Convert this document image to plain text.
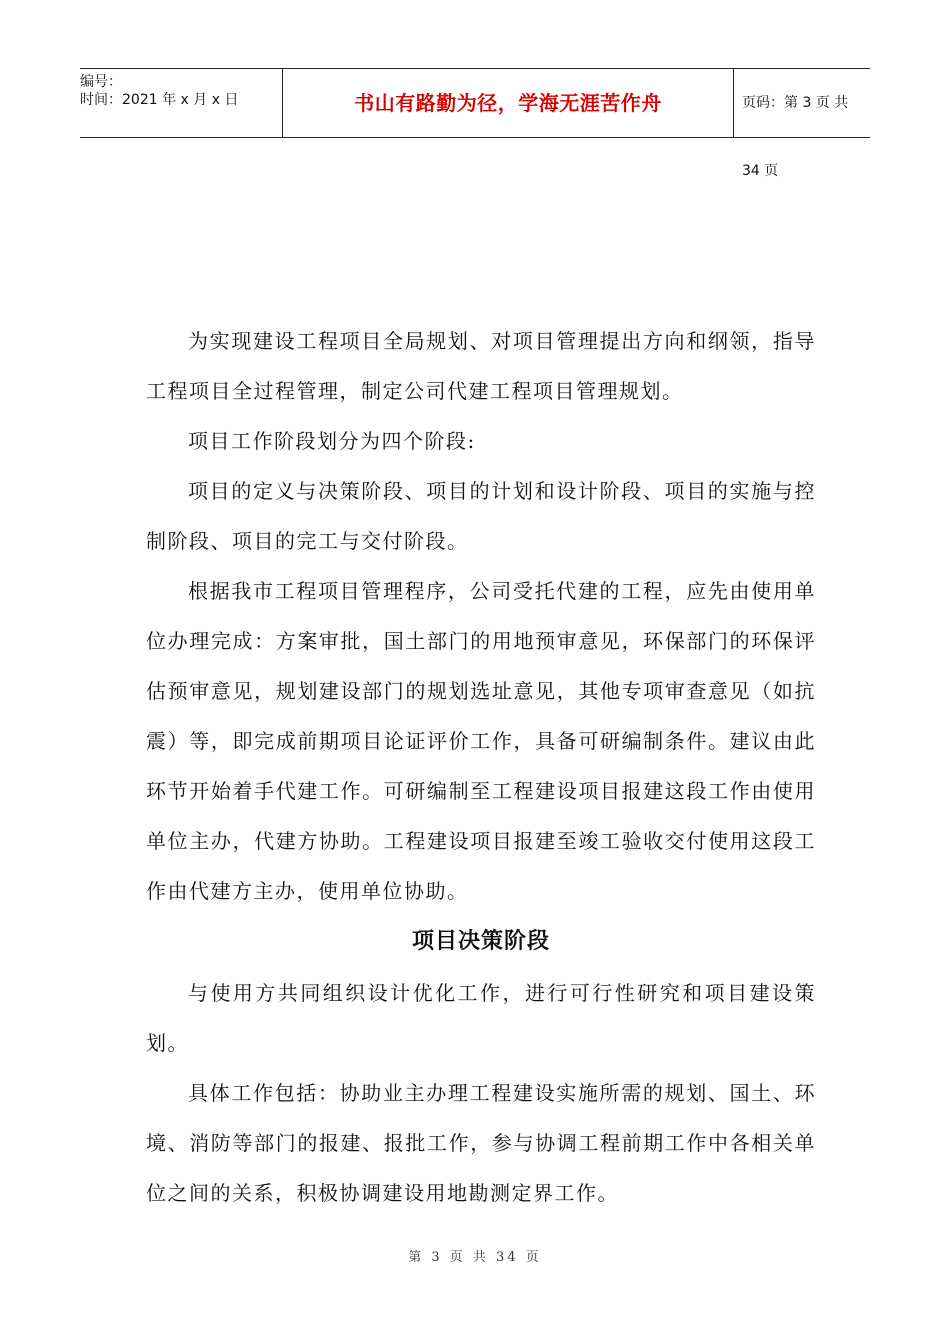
编号：
时间：2021 年 x 月 x 日	书山有路勤为径，学海无涯苦作舟	页码：第 3 页 共 34 页

为实现建设工程项目全局规划、对项目管理提出方向和纲领，指导工程项目全过程管理，制定公司代建工程项目管理规划。

项目工作阶段划分为四个阶段:

项目的定义与决策阶段、项目的计划和设计阶段、项目的实施与控制阶段、项目的完工与交付阶段。

根据我市工程项目管理程序，公司受托代建的工程，应先由使用单位办理完成：方案审批，国土部门的用地预审意见，环保部门的环保评估预审意见，规划建设部门的规划选址意见，其他专项审查意见（如抗震）等，即完成前期项目论证评价工作，具备可研编制条件。建议由此环节开始着手代建工作。可研编制至工程建设项目报建这段工作由使用单位主办，代建方协助。工程建设项目报建至竣工验收交付使用这段工作由代建方主办，使用单位协助。

项目决策阶段

与使用方共同组织设计优化工作，进行可行性研究和项目建设策划。

具体工作包括：协助业主办理工程建设实施所需的规划、国土、环境、消防等部门的报建、报批工作，参与协调工程前期工作中各相关单位之间的关系，积极协调建设用地勘测定界工作。

第 3 页 共 34 页
